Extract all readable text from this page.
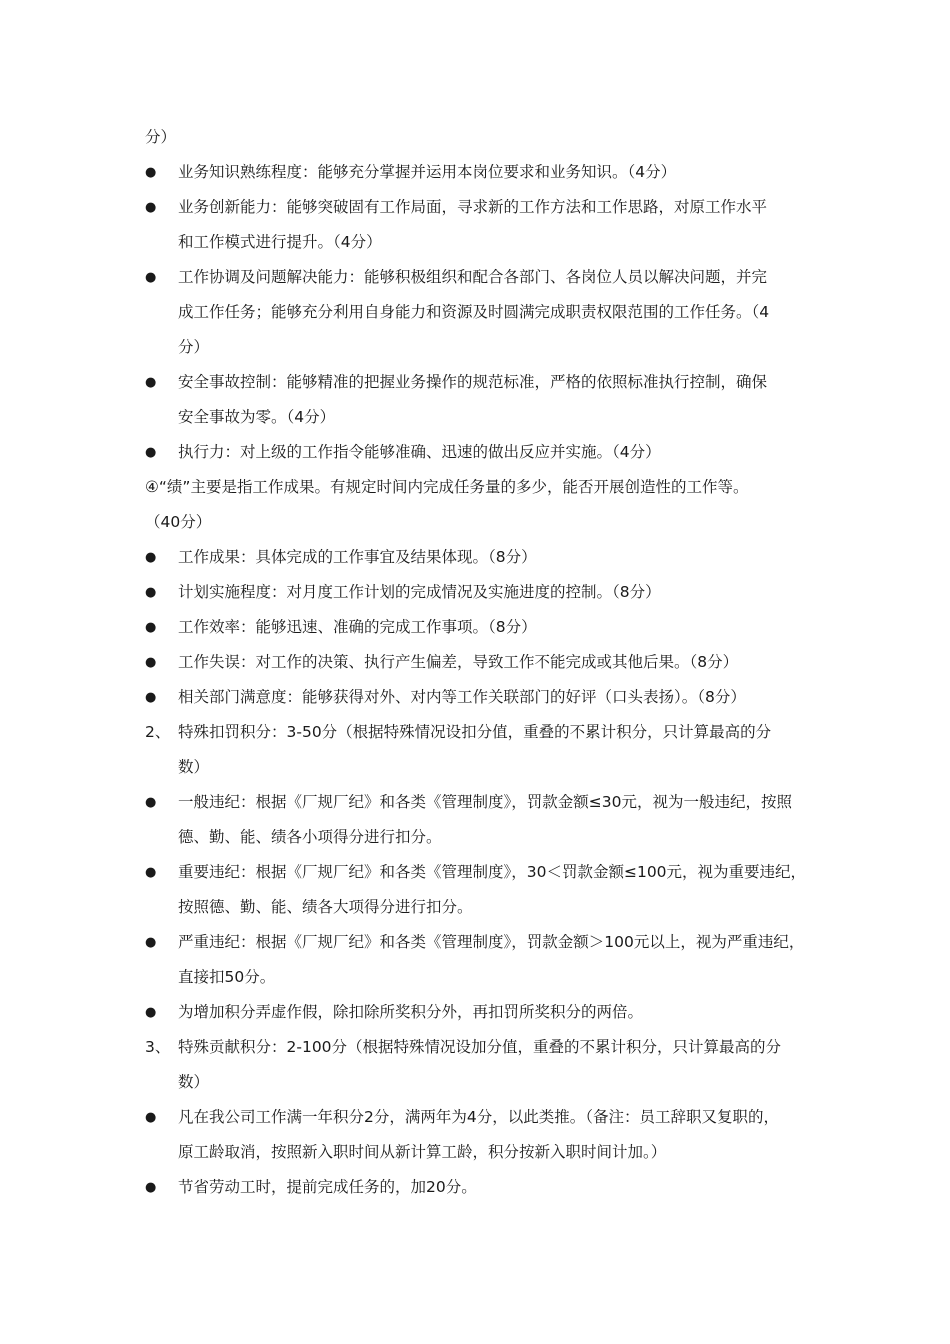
分）
●	业务知识熟练程度：能够充分掌握并运用本岗位要求和业务知识。（4分）
●	业务创新能力：能够突破固有工作局面，寻求新的工作方法和工作思路，对原工作水平
和工作模式进行提升。（4分）
●	工作协调及问题解决能力：能够积极组织和配合各部门、各岗位人员以解决问题，并完
成工作任务；能够充分利用自身能力和资源及时圆满完成职责权限范围的工作任务。（4
分）
●	安全事故控制：能够精准的把握业务操作的规范标准，严格的依照标准执行控制，确保
安全事故为零。（4分）
●	执行力：对上级的工作指令能够准确、迅速的做出反应并实施。（4分）
④“绩”主要是指工作成果。有规定时间内完成任务量的多少，能否开展创造性的工作等。
（40分）
●	工作成果：具体完成的工作事宜及结果体现。（8分）
●	计划实施程度：对月度工作计划的完成情况及实施进度的控制。（8分）
●	工作效率：能够迅速、准确的完成工作事项。（8分）
●	工作失误：对工作的决策、执行产生偏差，导致工作不能完成或其他后果。（8分）
●	相关部门满意度：能够获得对外、对内等工作关联部门的好评（口头表扬）。（8分）
2、 特殊扣罚积分：3-50分（根据特殊情况设扣分值，重叠的不累计积分，只计算最高的分
数）
●	一般违纪：根据《厂规厂纪》和各类《管理制度》，罚款金额≤30元，视为一般违纪，按照
德、勤、能、绩各小项得分进行扣分。
●	重要违纪：根据《厂规厂纪》和各类《管理制度》，30＜罚款金额≤100元，视为重要违纪，
按照德、勤、能、绩各大项得分进行扣分。
●	严重违纪：根据《厂规厂纪》和各类《管理制度》，罚款金额＞100元以上，视为严重违纪，
直接扣50分。
●	为增加积分弄虚作假，除扣除所奖积分外，再扣罚所奖积分的两倍。
3、 特殊贡献积分：2-100分（根据特殊情况设加分值，重叠的不累计积分，只计算最高的分
数）
●	凡在我公司工作满一年积分2分，满两年为4分，以此类推。（备注：员工辞职又复职的，
原工龄取消，按照新入职时间从新计算工龄，积分按新入职时间计加。）
●	节省劳动工时，提前完成任务的，加20分。
